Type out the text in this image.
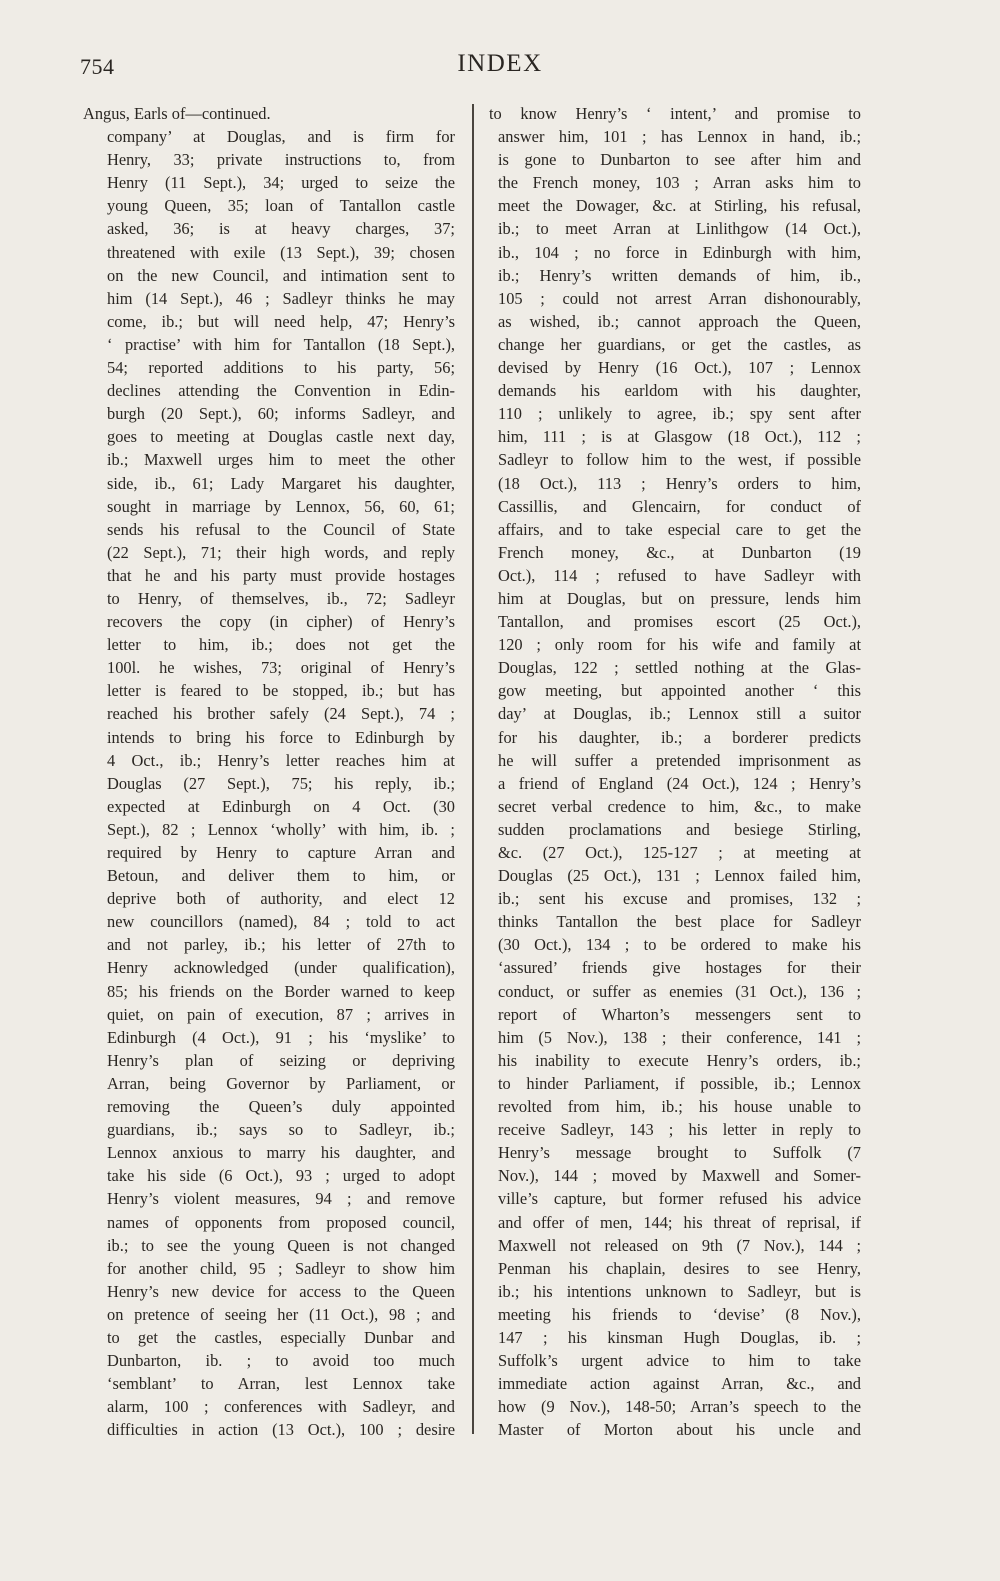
754	INDEX
Angus, Earls of—continued.
company’ at Douglas, and is firm for
Henry, 33; private instructions to, from
Henry (11 Sept.), 34; urged to seize the
young Queen, 35; loan of Tantallon castle
asked, 36; is at heavy charges, 37;
threatened with exile (13 Sept.), 39; chosen
on the new Council, and intimation sent to
him (14 Sept.), 46 ; Sadleyr thinks he may
come, ib.; but will need help, 47; Henry’s
‘ practise’ with him for Tantallon (18 Sept.),
54; reported additions to his party, 56;
declines attending the Convention in Edin-
burgh (20 Sept.), 60; informs Sadleyr, and
goes to meeting at Douglas castle next day,
ib.; Maxwell urges him to meet the other
side, ib., 61; Lady Margaret his daughter,
sought in marriage by Lennox, 56, 60, 61;
sends his refusal to the Council of State
(22 Sept.), 71; their high words, and reply
that he and his party must provide hostages
to Henry, of themselves, ib., 72; Sadleyr
recovers the copy (in cipher) of Henry’s
letter to him, ib.; does not get the
100l. he wishes, 73; original of Henry’s
letter is feared to be stopped, ib.; but has
reached his brother safely (24 Sept.), 74 ;
intends to bring his force to Edinburgh by
4 Oct., ib.; Henry’s letter reaches him at
Douglas (27 Sept.), 75; his reply, ib.;
expected at Edinburgh on 4 Oct. (30
Sept.), 82 ; Lennox ‘wholly’ with him, ib. ;
required by Henry to capture Arran and
Betoun, and deliver them to him, or
deprive both of authority, and elect 12
new councillors (named), 84 ; told to act
and not parley, ib.; his letter of 27th to
Henry acknowledged (under qualification),
85; his friends on the Border warned to keep
quiet, on pain of execution, 87 ; arrives in
Edinburgh (4 Oct.), 91 ; his ‘myslike’ to
Henry’s plan of seizing or depriving
Arran, being Governor by Parliament, or
removing the Queen’s duly appointed
guardians, ib.; says so to Sadleyr, ib.;
Lennox anxious to marry his daughter, and
take his side (6 Oct.), 93 ; urged to adopt
Henry’s violent measures, 94 ; and remove
names of opponents from proposed council,
ib.; to see the young Queen is not changed
for another child, 95 ; Sadleyr to show him
Henry’s new device for access to the Queen
on pretence of seeing her (11 Oct.), 98 ; and
to get the castles, especially Dunbar and
Dunbarton, ib. ; to avoid too much
‘semblant’ to Arran, lest Lennox take
alarm, 100 ; conferences with Sadleyr, and
difficulties in action (13 Oct.), 100 ; desire
to know Henry’s ‘ intent,’ and promise to
answer him, 101 ; has Lennox in hand, ib.;
is gone to Dunbarton to see after him and
the French money, 103 ; Arran asks him to
meet the Dowager, &c. at Stirling, his refusal,
ib.; to meet Arran at Linlithgow (14 Oct.),
ib., 104 ; no force in Edinburgh with him,
ib.; Henry’s written demands of him, ib.,
105 ; could not arrest Arran dishonourably,
as wished, ib.; cannot approach the Queen,
change her guardians, or get the castles, as
devised by Henry (16 Oct.), 107 ; Lennox
demands his earldom with his daughter,
110 ; unlikely to agree, ib.; spy sent after
him, 111 ; is at Glasgow (18 Oct.), 112 ;
Sadleyr to follow him to the west, if possible
(18 Oct.), 113 ; Henry’s orders to him,
Cassillis, and Glencairn, for conduct of
affairs, and to take especial care to get the
French money, &c., at Dunbarton (19
Oct.), 114 ; refused to have Sadleyr with
him at Douglas, but on pressure, lends him
Tantallon, and promises escort (25 Oct.),
120 ; only room for his wife and family at
Douglas, 122 ; settled nothing at the Glas-
gow meeting, but appointed another ‘ this
day’ at Douglas, ib.; Lennox still a suitor
for his daughter, ib.; a borderer predicts
he will suffer a pretended imprisonment as
a friend of England (24 Oct.), 124 ; Henry’s
secret verbal credence to him, &c., to make
sudden proclamations and besiege Stirling,
&c. (27 Oct.), 125-127 ; at meeting at
Douglas (25 Oct.), 131 ; Lennox failed him,
ib.; sent his excuse and promises, 132 ;
thinks Tantallon the best place for Sadleyr
(30 Oct.), 134 ; to be ordered to make his
‘assured’ friends give hostages for their
conduct, or suffer as enemies (31 Oct.), 136 ;
report of Wharton’s messengers sent to
him (5 Nov.), 138 ; their conference, 141 ;
his inability to execute Henry’s orders, ib.;
to hinder Parliament, if possible, ib.; Lennox
revolted from him, ib.; his house unable to
receive Sadleyr, 143 ; his letter in reply to
Henry’s message brought to Suffolk (7
Nov.), 144 ; moved by Maxwell and Somer-
ville’s capture, but former refused his advice
and offer of men, 144; his threat of reprisal, if
Maxwell not released on 9th (7 Nov.), 144 ;
Penman his chaplain, desires to see Henry,
ib.; his intentions unknown to Sadleyr, but is
meeting his friends to ‘devise’ (8 Nov.),
147 ; his kinsman Hugh Douglas, ib. ;
Suffolk’s urgent advice to him to take
immediate action against Arran, &c., and
how (9 Nov.), 148-50; Arran’s speech to the
Master of Morton about his uncle and
